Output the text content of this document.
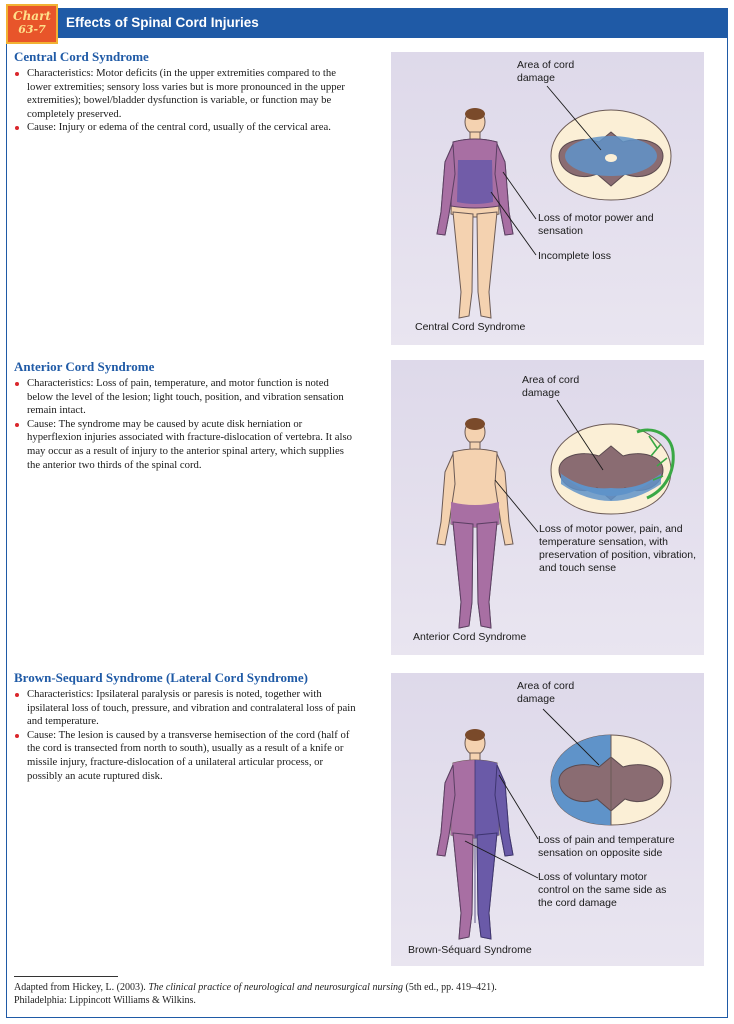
Chart
63-7	Effects of Spinal Cord Injuries
Central Cord Syndrome
Characteristics: Motor deficits (in the upper extremities compared to the lower extremities; sensory loss varies but is more pronounced in the upper extremities); bowel/bladder dysfunction is variable, or function may be completely preserved.
Cause: Injury or edema of the central cord, usually of the cervical area.
Anterior Cord Syndrome
Characteristics: Loss of pain, temperature, and motor function is noted below the level of the lesion; light touch, position, and vibration sensation remain intact.
Cause: The syndrome may be caused by acute disk herniation or hyperflexion injuries associated with fracture-dislocation of vertebra. It also may occur as a result of injury to the anterior spinal artery, which supplies the anterior two thirds of the spinal cord.
Brown-Sequard Syndrome (Lateral Cord Syndrome)
Characteristics: Ipsilateral paralysis or paresis is noted, together with ipsilateral loss of touch, pressure, and vibration and contralateral loss of pain and temperature.
Cause: The lesion is caused by a transverse hemisection of the cord (half of the cord is transected from north to south), usually as a result of a knife or missile injury, fracture-dislocation of a unilateral articular process, or possibly an acute ruptured disk.
Area of cord damage
Loss of motor power and sensation
Incomplete loss
Central Cord Syndrome
Area of cord damage
Loss of motor power, pain, and temperature sensation, with preservation of position, vibration, and touch sense
Anterior Cord Syndrome
Area of cord damage
Loss of pain and temperature sensation on opposite side
Loss of voluntary motor control on the same side as the cord damage
Brown-Séquard Syndrome
Adapted from Hickey, L. (2003). The clinical practice of neurological and neurosurgical nursing (5th ed., pp. 419–421).
Philadelphia: Lippincott Williams & Wilkins.
